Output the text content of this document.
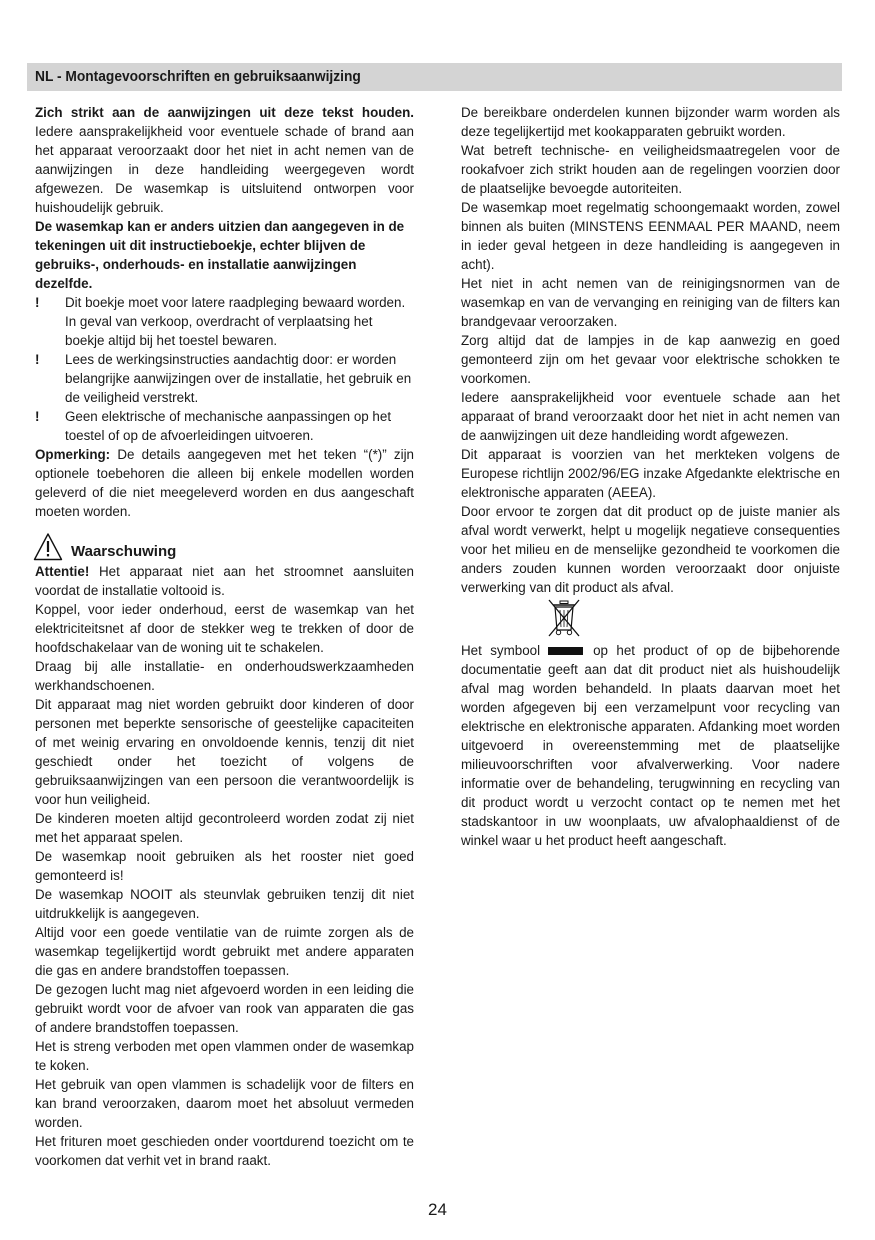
NL - Montagevoorschriften en gebruiksaanwijzing

Zich strikt aan de aanwijzingen uit deze tekst houden. Iedere aansprakelijkheid voor eventuele schade of brand aan het apparaat veroorzaakt door het niet in acht nemen van de aanwijzingen in deze handleiding weergegeven wordt afgewezen. De wasemkap is uitsluitend ontworpen voor huishoudelijk gebruik.

De wasemkap kan er anders uitzien dan aangegeven in de tekeningen uit dit instructieboekje, echter blijven de gebruiks-, onderhouds- en installatie aanwijzingen dezelfde.

! Dit boekje moet voor latere raadpleging bewaard worden. In geval van verkoop, overdracht of verplaatsing het boekje altijd bij het toestel bewaren.
! Lees de werkingsinstructies aandachtig door: er worden belangrijke aanwijzingen over de installatie, het gebruik en de veiligheid verstrekt.
! Geen elektrische of mechanische aanpassingen op het toestel of op de afvoerleidingen uitvoeren.

Opmerking: De details aangegeven met het teken “(*)” zijn optionele toebehoren die alleen bij enkele modellen worden geleverd of die niet meegeleverd worden en dus aangeschaft moeten worden.

Waarschuwing

Attentie! Het apparaat niet aan het stroomnet aansluiten voordat de installatie voltooid is.

Koppel, voor ieder onderhoud, eerst de wasemkap van het elektriciteitsnet af door de stekker weg te trekken of door de hoofdschakelaar van de woning uit te schakelen.

Draag bij alle installatie- en onderhoudswerkzaamheden werkhandschoenen.

Dit apparaat mag niet worden gebruikt door kinderen of door personen met beperkte sensorische of geestelijke capaciteiten of met weinig ervaring en onvoldoende kennis, tenzij dit niet geschiedt onder het toezicht of volgens de gebruiksaanwijzingen van een persoon die verantwoordelijk is voor hun veiligheid.

De kinderen moeten altijd gecontroleerd worden zodat zij niet met het apparaat spelen.

De wasemkap nooit gebruiken als het rooster niet goed gemonteerd is!

De wasemkap NOOIT als steunvlak gebruiken tenzij dit niet uitdrukkelijk is aangegeven.

Altijd voor een goede ventilatie van de ruimte zorgen als de wasemkap tegelijkertijd wordt gebruikt met andere apparaten die gas en andere brandstoffen toepassen.

De gezogen lucht mag niet afgevoerd worden in een leiding die gebruikt wordt voor de afvoer van rook van apparaten die gas of andere brandstoffen toepassen.

Het is streng verboden met open vlammen onder de wasemkap te koken.

Het gebruik van open vlammen is schadelijk voor de filters en kan brand veroorzaken, daarom moet het absoluut vermeden worden.

Het frituren moet geschieden onder voortdurend toezicht om te voorkomen dat verhit vet in brand raakt.

De bereikbare onderdelen kunnen bijzonder warm worden als deze tegelijkertijd met kookapparaten gebruikt worden.

Wat betreft technische- en veiligheidsmaatregelen voor de rookafvoer zich strikt houden aan de regelingen voorzien door de plaatselijke bevoegde autoriteiten.

De wasemkap moet regelmatig schoongemaakt worden, zowel binnen als buiten (MINSTENS EENMAAL PER MAAND, neem in ieder geval hetgeen in deze handleiding is aangegeven in acht).

Het niet in acht nemen van de reinigingsnormen van de wasemkap en van de vervanging en reiniging van de filters kan brandgevaar veroorzaken.

Zorg altijd dat de lampjes in de kap aanwezig en goed gemonteerd zijn om het gevaar voor elektrische schokken te voorkomen.

Iedere aansprakelijkheid voor eventuele schade aan het apparaat of brand veroorzaakt door het niet in acht nemen van de aanwijzingen uit deze handleiding wordt afgewezen.

Dit apparaat is voorzien van het merkteken volgens de Europese richtlijn 2002/96/EG inzake Afgedankte elektrische en elektronische apparaten (AEEA).

Door ervoor te zorgen dat dit product op de juiste manier als afval wordt verwerkt, helpt u mogelijk negatieve consequenties voor het milieu en de menselijke gezondheid te voorkomen die anders zouden kunnen worden veroorzaakt door onjuiste verwerking van dit product als afval.

Het symbool	op het product of op de bijbehorende documentatie geeft aan dat dit product niet als huishoudelijk afval mag worden behandeld. In plaats daarvan moet het worden afgegeven bij een verzamelpunt voor recycling van elektrische en elektronische apparaten. Afdanking moet worden uitgevoerd in overeenstemming met de plaatselijke milieuvoorschriften voor afvalverwerking. Voor nadere informatie over de behandeling, terugwinning en recycling van dit product wordt u verzocht contact op te nemen met het stadskantoor in uw woonplaats, uw afvalophaaldienst of de winkel waar u het product heeft aangeschaft.

24
